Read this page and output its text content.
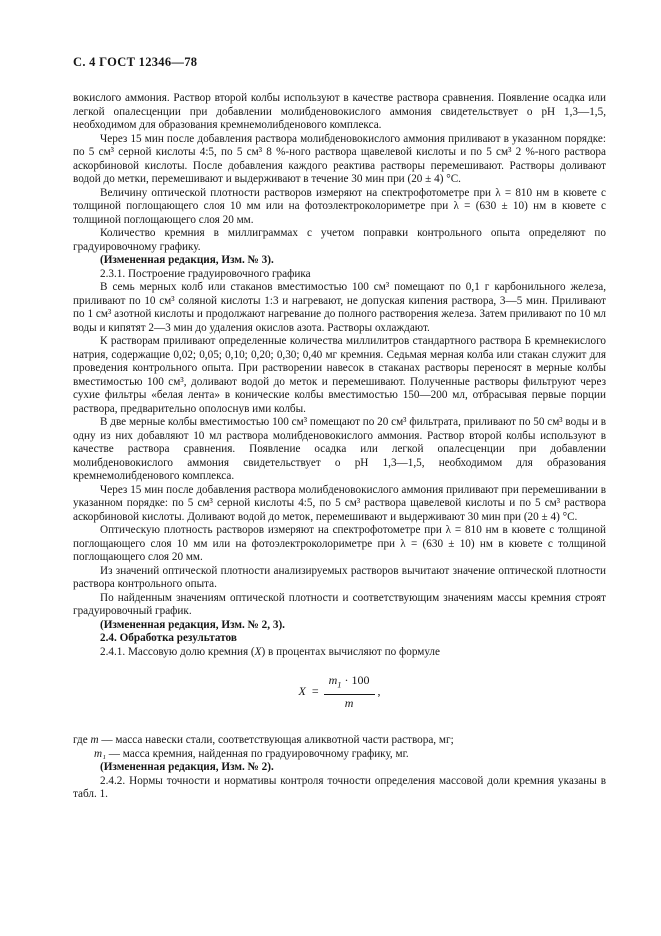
С. 4 ГОСТ 12346—78

вокислого аммония. Раствор второй колбы используют в качестве раствора сравнения. Появление осадка или легкой опалесценции при добавлении молибденовокислого аммония свидетельствует о рН 1,3—1,5, необходимом для образования кремнемолибденового комплекса.

Через 15 мин после добавления раствора молибденовокислого аммония приливают в указанном порядке: по 5 см³ серной кислоты 4:5, по 5 см³ 8 %-ного раствора щавелевой кислоты и по 5 см³ 2 %-ного раствора аскорбиновой кислоты. После добавления каждого реактива растворы перемешивают. Растворы доливают водой до метки, перемешивают и выдерживают в течение 30 мин при (20 ± 4) °С.

Величину оптической плотности растворов измеряют на спектрофотометре при λ = 810 нм в кювете с толщиной поглощающего слоя 10 мм или на фотоэлектроколориметре при λ = (630 ± 10) нм в кювете с толщиной поглощающего слоя 20 мм.

Количество кремния в миллиграммах с учетом поправки контрольного опыта определяют по градуировочному графику.

(Измененная редакция, Изм. № 3).

2.3.1. Построение градуировочного графика

В семь мерных колб или стаканов вместимостью 100 см³ помещают по 0,1 г карбонильного железа, приливают по 10 см³ соляной кислоты 1:3 и нагревают, не допуская кипения раствора, 3—5 мин. Приливают по 1 см³ азотной кислоты и продолжают нагревание до полного растворения железа. Затем приливают по 10 мл воды и кипятят 2—3 мин до удаления окислов азота. Растворы охлаждают.

К растворам приливают определенные количества миллилитров стандартного раствора Б кремнекислого натрия, содержащие 0,02; 0,05; 0,10; 0,20; 0,30; 0,40 мг кремния. Седьмая мерная колба или стакан служит для проведения контрольного опыта. При растворении навесок в стаканах растворы переносят в мерные колбы вместимостью 100 см³, доливают водой до меток и перемешивают. Полученные растворы фильтруют через сухие фильтры «белая лента» в конические колбы вместимостью 150—200 мл, отбрасывая первые порции раствора, предварительно ополоснув ими колбы.

В две мерные колбы вместимостью 100 см³ помещают по 20 см³ фильтрата, приливают по 50 см³ воды и в одну из них добавляют 10 мл раствора молибденовокислого аммония. Раствор второй колбы используют в качестве раствора сравнения. Появление осадка или легкой опалесценции при добавлении молибденовокислого аммония свидетельствует о рН 1,3—1,5, необходимом для образования кремнемолибденового комплекса.

Через 15 мин после добавления раствора молибденовокислого аммония приливают при перемешивании в указанном порядке: по 5 см³ серной кислоты 4:5, по 5 см³ раствора щавелевой кислоты и по 5 см³ раствора аскорбиновой кислоты. Доливают водой до меток, перемешивают и выдерживают 30 мин при (20 ± 4) °С.

Оптическую плотность растворов измеряют на спектрофотометре при λ = 810 нм в кювете с толщиной поглощающего слоя 10 мм или на фотоэлектроколориметре при λ = (630 ± 10) нм в кювете с толщиной поглощающего слоя 20 мм.

Из значений оптической плотности анализируемых растворов вычитают значение оптической плотности раствора контрольного опыта.

По найденным значениям оптической плотности и соответствующим значениям массы кремния строят градуировочный график.

(Измененная редакция, Изм. № 2, 3).

2.4. Обработка результатов

2.4.1. Массовую долю кремния (X) в процентах вычисляют по формуле

$X = \frac{m_1 \cdot 100}{m}$ ,

где m — масса навески стали, соответствующая аликвотной части раствора, мг;

m₁ — масса кремния, найденная по градуировочному графику, мг.

(Измененная редакция, Изм. № 2).

2.4.2. Нормы точности и нормативы контроля точности определения массовой доли кремния указаны в табл. 1.
